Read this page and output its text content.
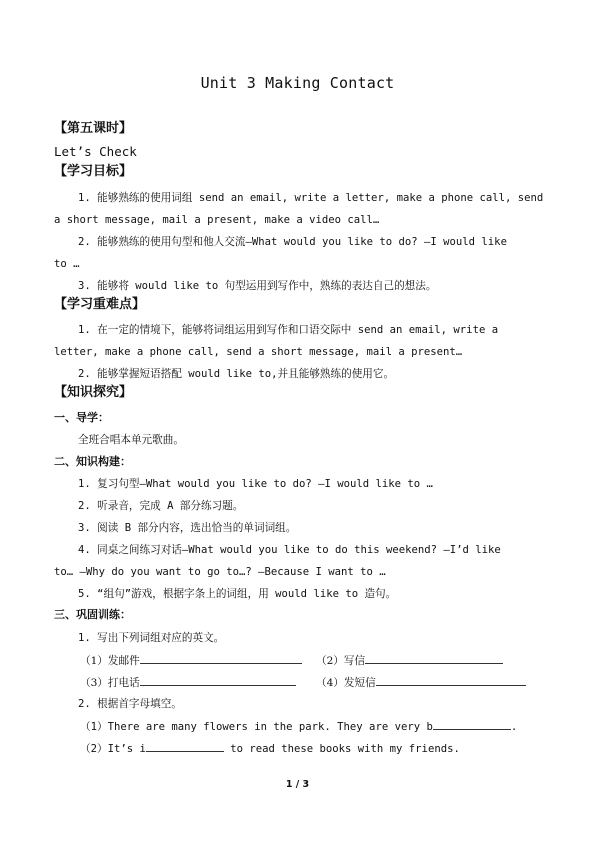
Unit 3 Making Contact
【第五课时】
Let’s Check
【学习目标】
1. 能够熟练的使用词组 send an email, write a letter, make a phone call, send
a short message, mail a present, make a video call…
2. 能够熟练的使用句型和他人交流—What would you like to do? —I would like
to …
3. 能够将 would like to 句型运用到写作中，熟练的表达自己的想法。
【学习重难点】
1. 在一定的情境下，能够将词组运用到写作和口语交际中 send an email, write a
letter, make a phone call, send a short message, mail a present…
2. 能够掌握短语搭配 would like to,并且能够熟练的使用它。
【知识探究】
一、导学：
全班合唱本单元歌曲。
二、知识构建：
1. 复习句型—What would you like to do? —I would like to …
2. 听录音，完成 A 部分练习题。
3. 阅读 B 部分内容，选出恰当的单词词组。
4. 同桌之间练习对话—What would you like to do this weekend? —I’d like
to… —Why do you want to go to…? —Because I want to …
5. “组句”游戏，根据字条上的词组，用 would like to 造句。
三、巩固训练：
1. 写出下列词组对应的英文。
（1）发邮件	（2）写信
（3）打电话	（4）发短信
2. 根据首字母填空。
（1）There are many flowers in the park. They are very b	.
（2）It’s i	to read these books with my friends.
1 / 3
